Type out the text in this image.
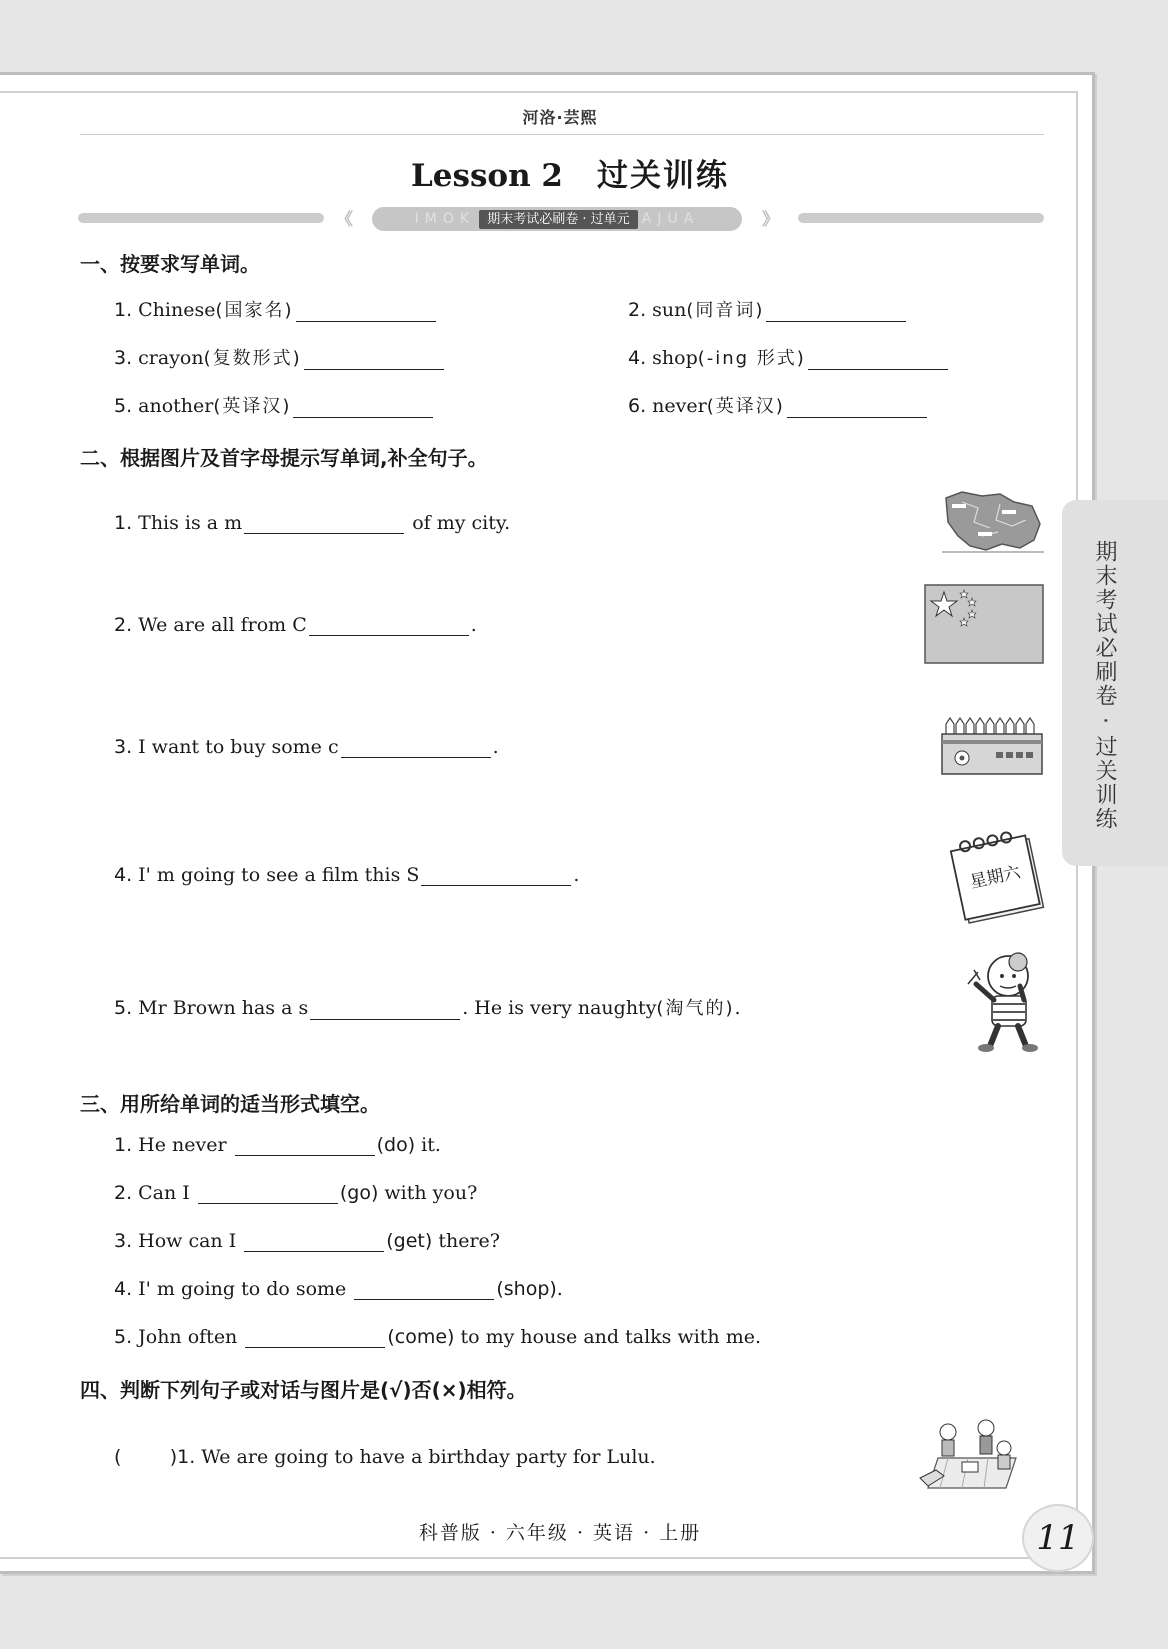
河洛·芸熙
Lesson 2 过关训练
《	IMOK 期末考试必刷卷 · 过单元 AJUA	》
期末考试必刷卷 · 过关训练
一、按要求写单词。
1. Chinese(国家名)	2. sun(同音词)
3. crayon(复数形式)	4. shop(-ing 形式)
5. another(英译汉)	6. never(英译汉)
二、根据图片及首字母提示写单词,补全句子。
1. This is a m	of my city.
2. We are all from C	.
3. I want to buy some c	.
4. I' m going to see a film this S	.
5. Mr Brown has a s	. He is very naughty(淘气的).
星期六
三、用所给单词的适当形式填空。
1. He never	(do) it.
2. Can I	(go) with you?
3. How can I	(get) there?
4. I' m going to do some	(shop).
5. John often	(come) to my house and talks with me.
四、判断下列句子或对话与图片是(√)否(×)相符。
(        )1. We are going to have a birthday party for Lulu.
科普版 · 六年级 · 英语 · 上册	11
